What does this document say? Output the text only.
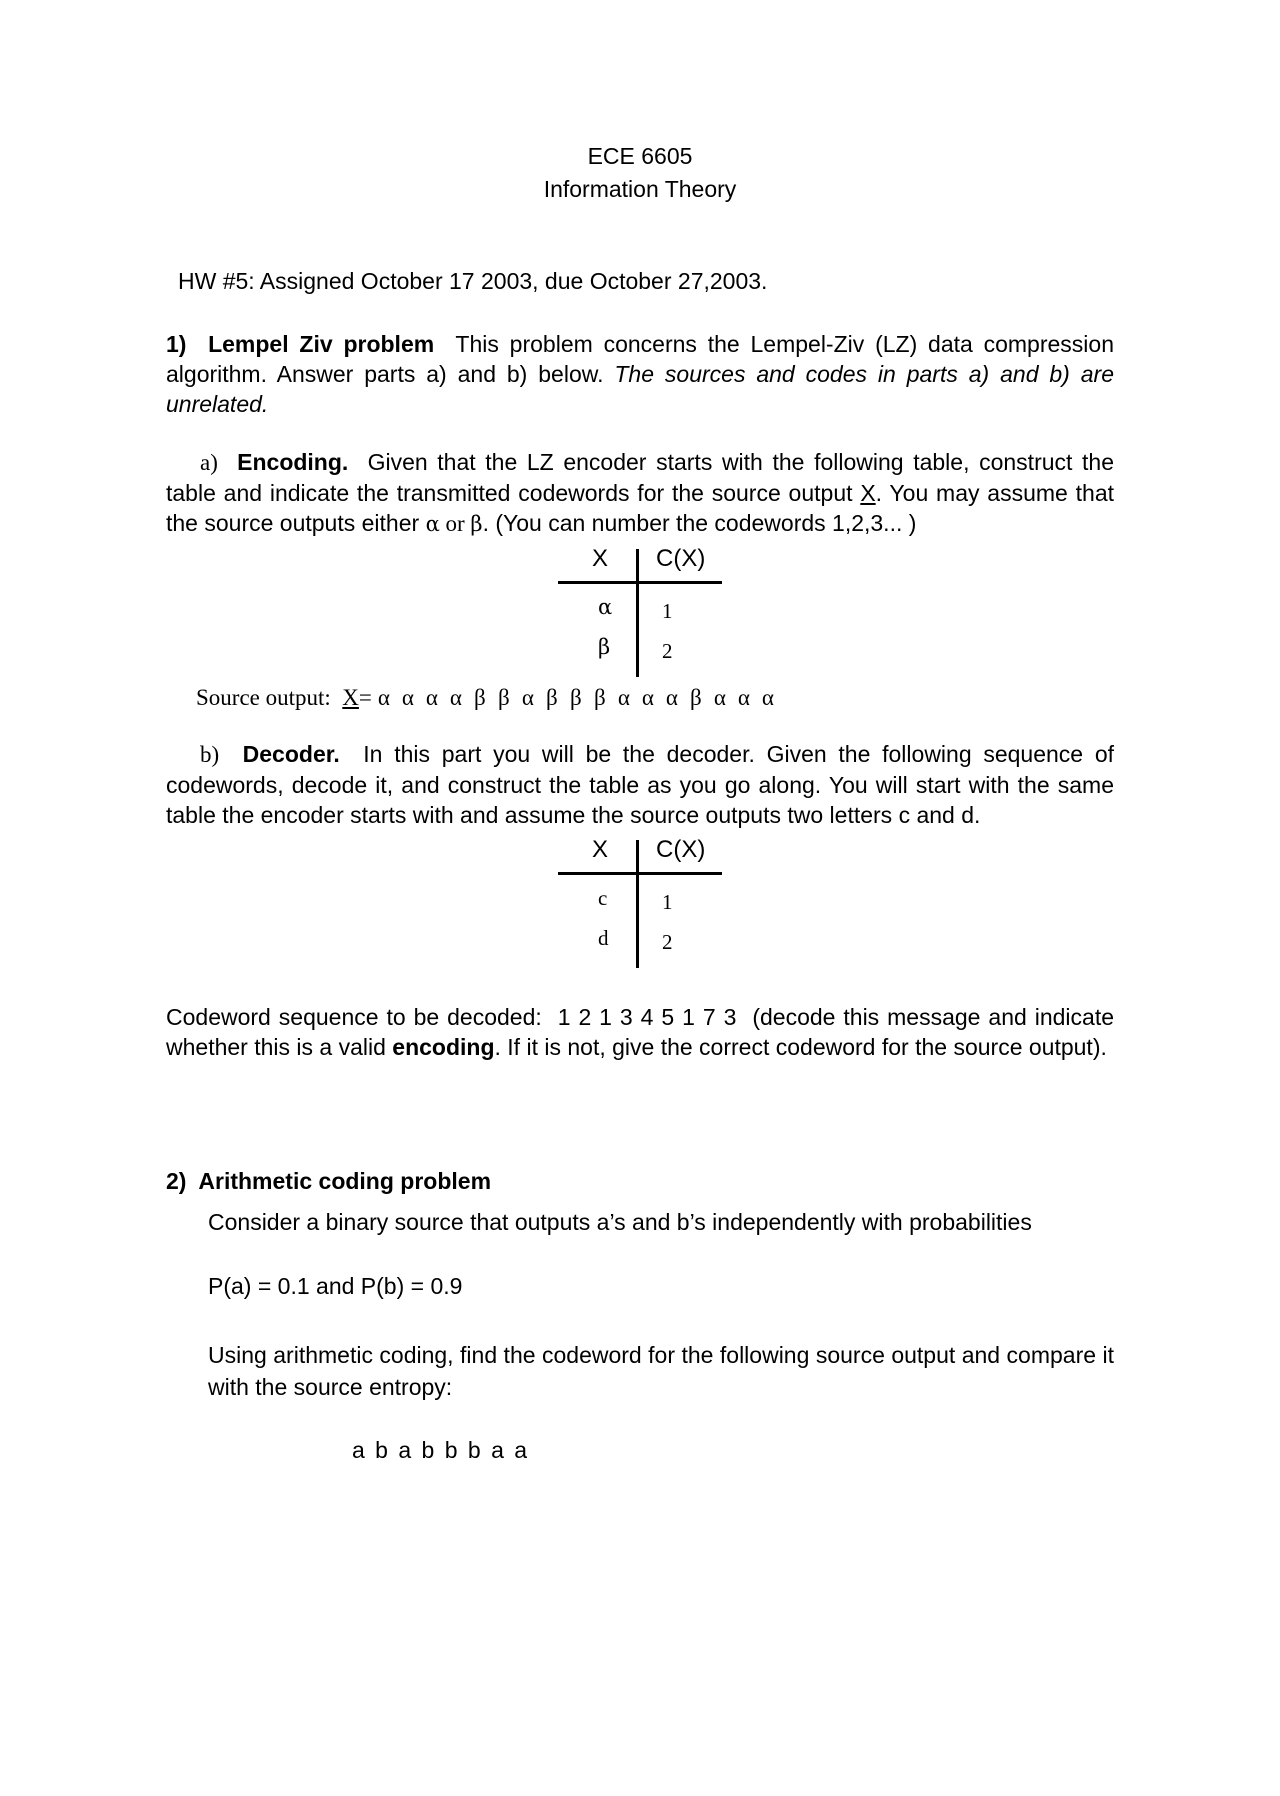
ECE 6605
Information Theory
HW #5: Assigned October 17 2003, due October 27,2003.

1) Lempel Ziv problem This problem concerns the Lempel-Ziv (LZ) data compression algorithm. Answer parts a) and b) below. The sources and codes in parts a) and b) are unrelated.

a) Encoding. Given that the LZ encoder starts with the following table, construct the table and indicate the transmitted codewords for the source output X. You may assume that the source outputs either α or β. (You can number the codewords 1,2,3... )

X C(X)
α 1
β 2
Source output: X= α α α α β β α β β β α α α β α α α

b) Decoder. In this part you will be the decoder. Given the following sequence of codewords, decode it, and construct the table as you go along. You will start with the same table the encoder starts with and assume the source outputs two letters c and d.

X C(X)
c	1
d	2

Codeword sequence to be decoded: 1 2 1 3 4 5 1 7 3 (decode this message and indicate whether this is a valid encoding. If it is not, give the correct codeword for the source output).

2) Arithmetic coding problem

Consider a binary source that outputs a’s and b’s independently with probabilities

P(a) = 0.1 and P(b) = 0.9

Using arithmetic coding, find the codeword for the following source output and compare it with the source entropy:

a b a b b b a a
